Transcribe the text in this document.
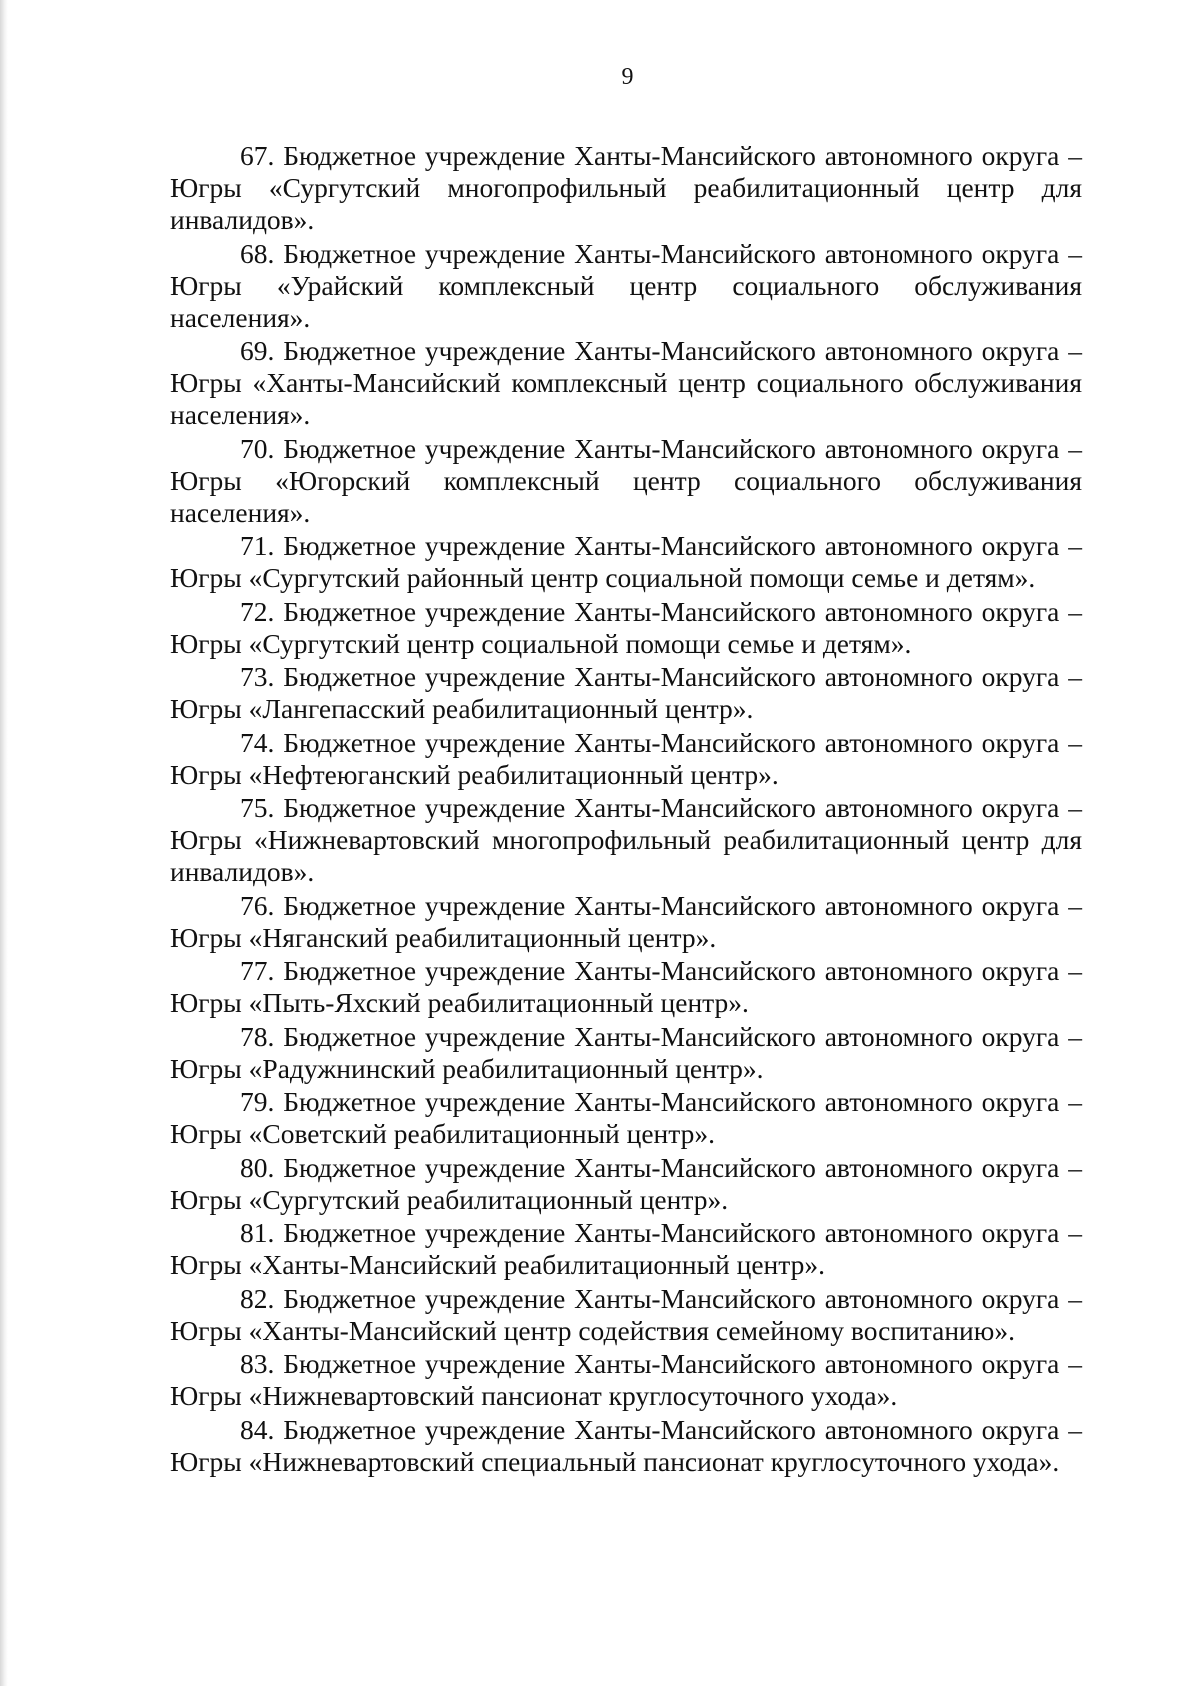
9

67. Бюджетное учреждение Ханты-Мансийского автономного округа – Югры «Сургутский многопрофильный реабилитационный центр для инвалидов».

68. Бюджетное учреждение Ханты-Мансийского автономного округа – Югры «Урайский комплексный центр социального обслуживания населения».

69. Бюджетное учреждение Ханты-Мансийского автономного округа – Югры «Ханты-Мансийский комплексный центр социального обслуживания населения».

70. Бюджетное учреждение Ханты-Мансийского автономного округа – Югры «Югорский комплексный центр социального обслуживания населения».

71. Бюджетное учреждение Ханты-Мансийского автономного округа – Югры «Сургутский районный центр социальной помощи семье и детям».

72. Бюджетное учреждение Ханты-Мансийского автономного округа – Югры «Сургутский центр социальной помощи семье и детям».

73. Бюджетное учреждение Ханты-Мансийского автономного округа – Югры «Лангепасский реабилитационный центр».

74. Бюджетное учреждение Ханты-Мансийского автономного округа – Югры «Нефтеюганский реабилитационный центр».

75. Бюджетное учреждение Ханты-Мансийского автономного округа – Югры «Нижневартовский многопрофильный реабилитационный центр для инвалидов».

76. Бюджетное учреждение Ханты-Мансийского автономного округа – Югры «Няганский реабилитационный центр».

77. Бюджетное учреждение Ханты-Мансийского автономного округа – Югры «Пыть-Яхский реабилитационный центр».

78. Бюджетное учреждение Ханты-Мансийского автономного округа – Югры «Радужнинский реабилитационный центр».

79. Бюджетное учреждение Ханты-Мансийского автономного округа – Югры «Советский реабилитационный центр».

80. Бюджетное учреждение Ханты-Мансийского автономного округа – Югры «Сургутский реабилитационный центр».

81. Бюджетное учреждение Ханты-Мансийского автономного округа – Югры «Ханты-Мансийский реабилитационный центр».

82. Бюджетное учреждение Ханты-Мансийского автономного округа – Югры «Ханты-Мансийский центр содействия семейному воспитанию».

83. Бюджетное учреждение Ханты-Мансийского автономного округа – Югры «Нижневартовский пансионат круглосуточного ухода».

84. Бюджетное учреждение Ханты-Мансийского автономного округа – Югры «Нижневартовский специальный пансионат круглосуточного ухода».
